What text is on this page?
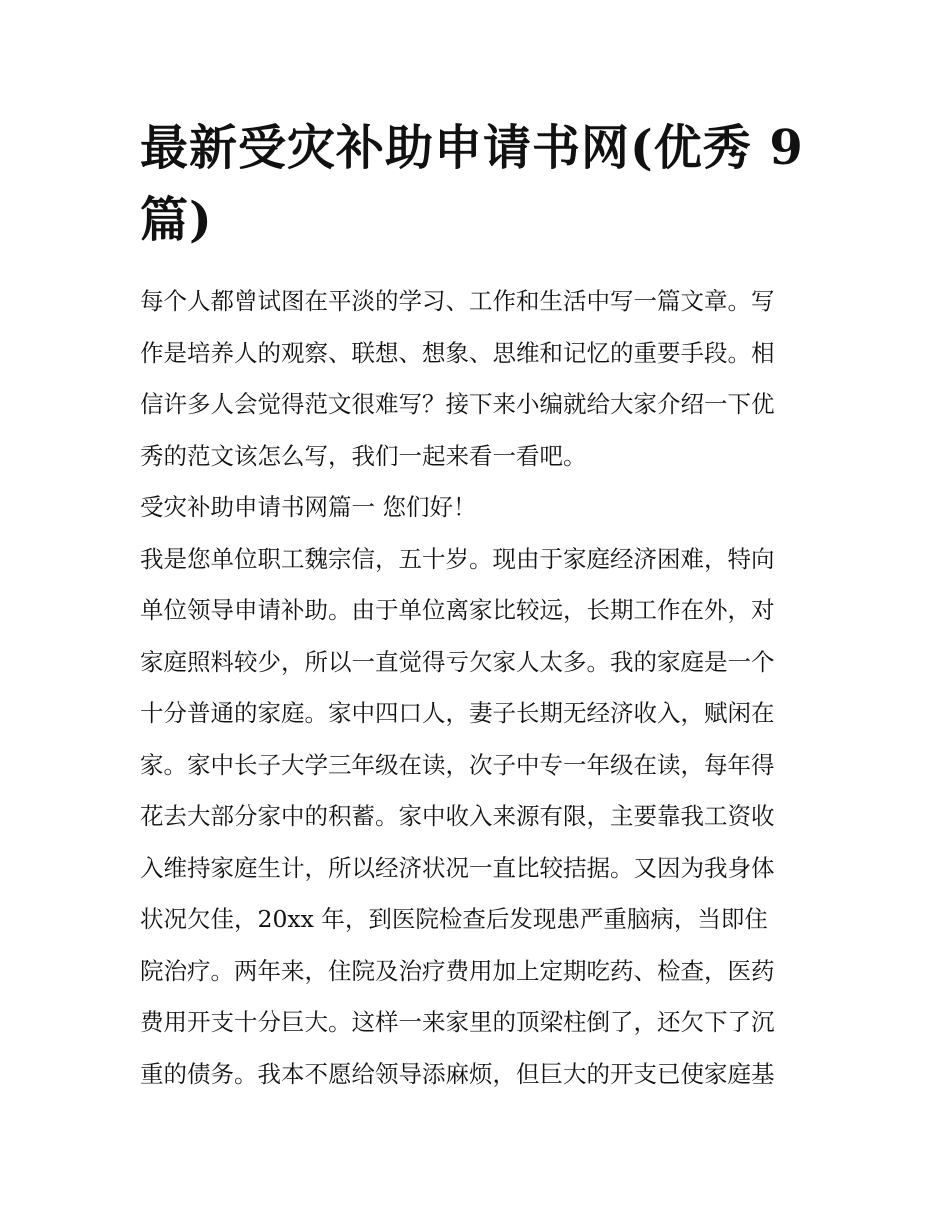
最新受灾补助申请书网(优秀 9
篇)
每个人都曾试图在平淡的学习、工作和生活中写一篇文章。写
作是培养人的观察、联想、想象、思维和记忆的重要手段。相
信许多人会觉得范文很难写？接下来小编就给大家介绍一下优
秀的范文该怎么写，我们一起来看一看吧。
受灾补助申请书网篇一 您们好！
我是您单位职工魏宗信，五十岁。现由于家庭经济困难，特向
单位领导申请补助。由于单位离家比较远，长期工作在外，对
家庭照料较少，所以一直觉得亏欠家人太多。我的家庭是一个
十分普通的家庭。家中四口人，妻子长期无经济收入，赋闲在
家。家中长子大学三年级在读，次子中专一年级在读，每年得
花去大部分家中的积蓄。家中收入来源有限，主要靠我工资收
入维持家庭生计，所以经济状况一直比较拮据。又因为我身体
状况欠佳，20xx 年，到医院检查后发现患严重脑病，当即住
院治疗。两年来，住院及治疗费用加上定期吃药、检查，医药
费用开支十分巨大。这样一来家里的顶梁柱倒了，还欠下了沉
重的债务。我本不愿给领导添麻烦，但巨大的开支已使家庭基
